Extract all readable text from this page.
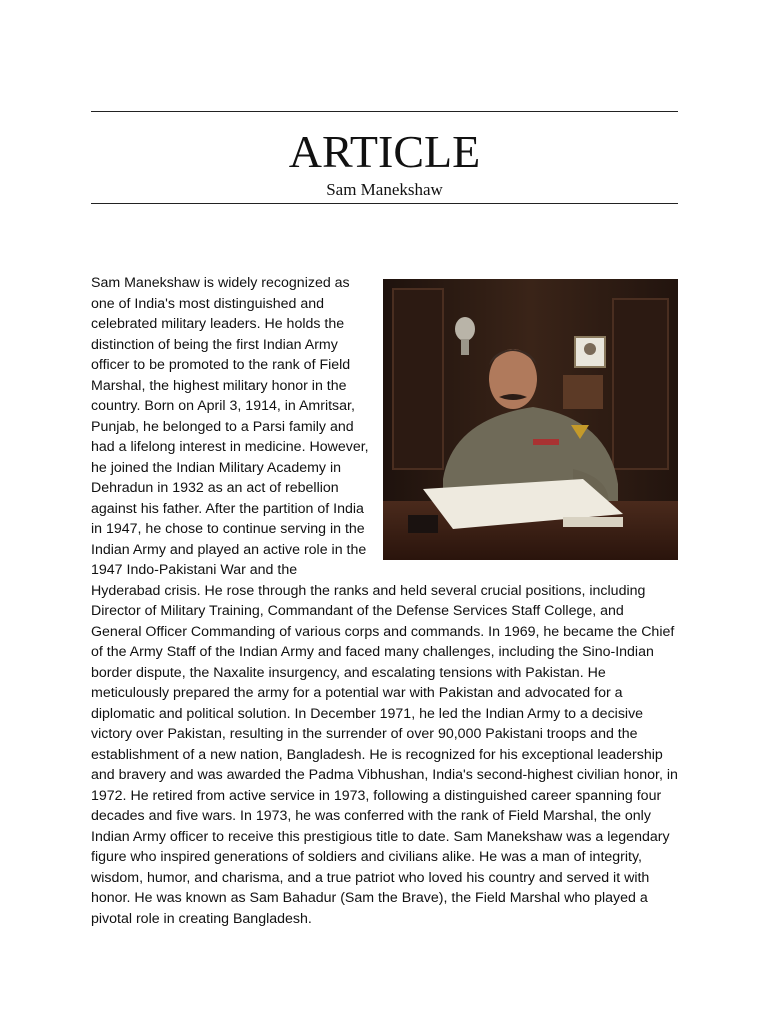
ARTICLE
Sam Manekshaw
Sam Manekshaw is widely recognized as one of India's most distinguished and celebrated military leaders. He holds the distinction of being the first Indian Army officer to be promoted to the rank of Field Marshal, the highest military honor in the country. Born on April 3, 1914, in Amritsar, Punjab, he belonged to a Parsi family and had a lifelong interest in medicine. However, he joined the Indian Military Academy in Dehradun in 1932 as an act of rebellion against his father. After the partition of India in 1947, he chose to continue serving in the Indian Army and played an active role in the 1947 Indo-Pakistani War and the Hyderabad crisis. He rose through the ranks and held several crucial positions, including Director of Military Training, Commandant of the Defense Services Staff College, and General Officer Commanding of various corps and commands. In 1969, he became the Chief of the Army Staff of the Indian Army and faced many challenges, including the Sino-Indian border dispute, the Naxalite insurgency, and escalating tensions with Pakistan. He meticulously prepared the army for a potential war with Pakistan and advocated for a diplomatic and political solution. In December 1971, he led the Indian Army to a decisive victory over Pakistan, resulting in the surrender of over 90,000 Pakistani troops and the establishment of a new nation, Bangladesh. He is recognized for his exceptional leadership and bravery and was awarded the Padma Vibhushan, India's second-highest civilian honor, in 1972. He retired from active service in 1973, following a distinguished career spanning four decades and five wars. In 1973, he was conferred with the rank of Field Marshal, the only Indian Army officer to receive this prestigious title to date. Sam Manekshaw was a legendary figure who inspired generations of soldiers and civilians alike. He was a man of integrity, wisdom, humor, and charisma, and a true patriot who loved his country and served it with honor. He was known as Sam Bahadur (Sam the Brave), the Field Marshal who played a pivotal role in creating Bangladesh.
